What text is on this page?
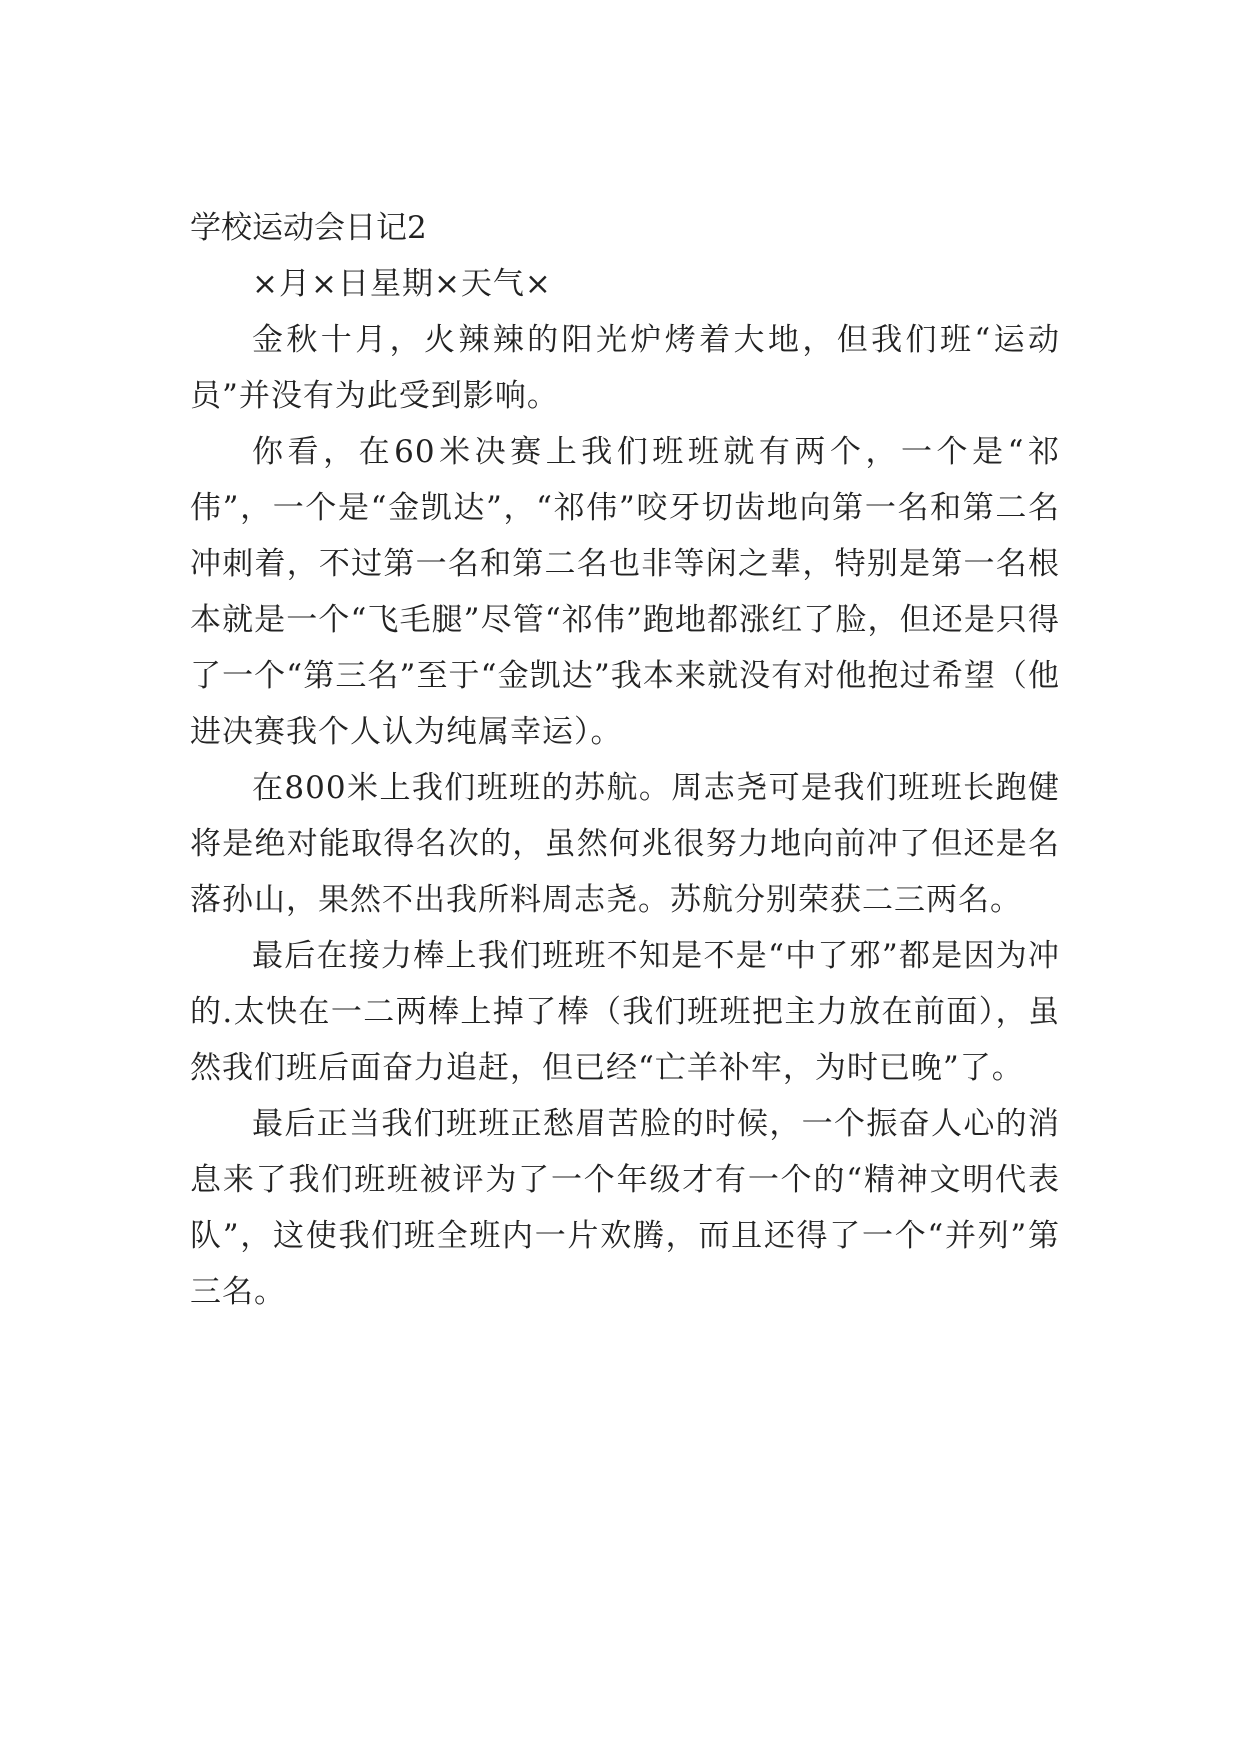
学校运动会日记2

×月×日星期×天气×

金秋十月，火辣辣的阳光炉烤着大地，但我们班“运动员”并没有为此受到影响。

你看，在60米决赛上我们班班就有两个，一个是“祁伟”，一个是“金凯达”，“祁伟”咬牙切齿地向第一名和第二名冲刺着，不过第一名和第二名也非等闲之辈，特别是第一名根本就是一个“飞毛腿”尽管“祁伟”跑地都涨红了脸，但还是只得了一个“第三名”至于“金凯达”我本来就没有对他抱过希望（他进决赛我个人认为纯属幸运）。

在800米上我们班班的苏航。周志尧可是我们班班长跑健将是绝对能取得名次的，虽然何兆很努力地向前冲了但还是名落孙山，果然不出我所料周志尧。苏航分别荣获二三两名。

最后在接力棒上我们班班不知是不是“中了邪”都是因为冲的.太快在一二两棒上掉了棒（我们班班把主力放在前面），虽然我们班后面奋力追赶，但已经“亡羊补牢，为时已晚”了。

最后正当我们班班正愁眉苦脸的时候，一个振奋人心的消息来了我们班班被评为了一个年级才有一个的“精神文明代表队”，这使我们班全班内一片欢腾，而且还得了一个“并列”第三名。
